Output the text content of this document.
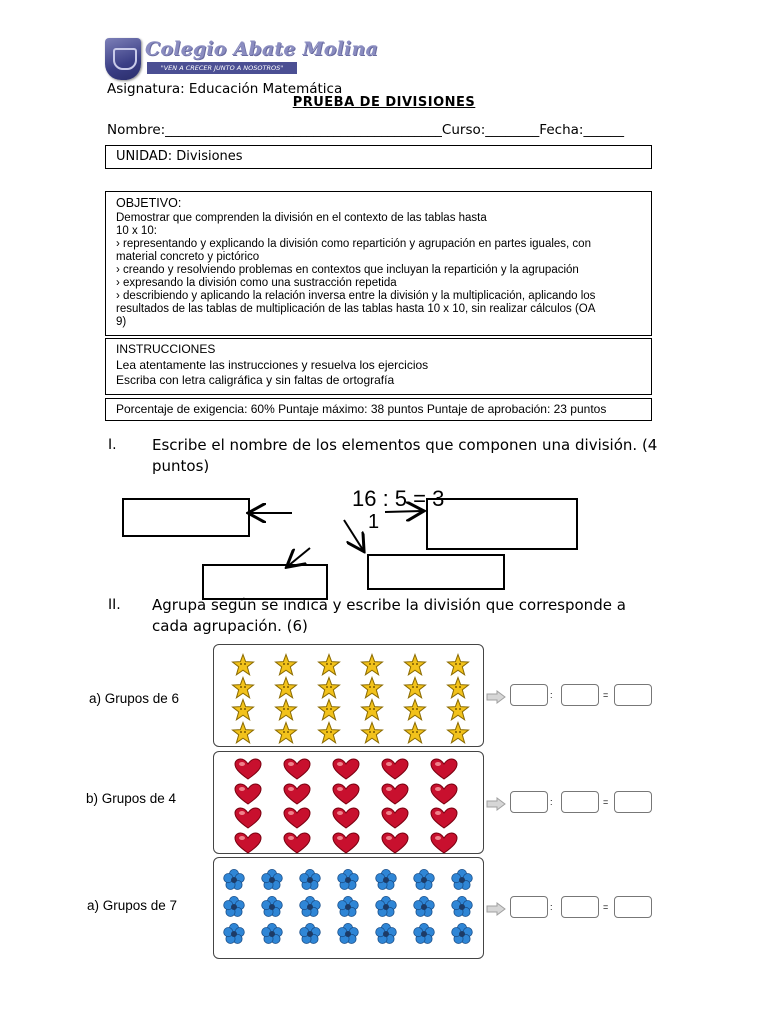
Colegio Abate Molina
"VEN A CRECER JUNTO A NOSOTROS"
Asignatura: Educación Matemática
PRUEBA DE DIVISIONES
Nombre:_________________________________________Curso:________Fecha:______
UNIDAD: Divisiones
OBJETIVO:
Demostrar que comprenden la división en el contexto de las tablas hasta
10 x 10:
› representando y explicando la división como repartición y agrupación en partes iguales, con
material concreto y pictórico
› creando y resolviendo problemas en contextos que incluyan la repartición y la agrupación
› expresando la división como una sustracción repetida
› describiendo y aplicando la relación inversa entre la división y la multiplicación, aplicando los
resultados de las tablas de multiplicación de las tablas hasta 10 x 10, sin realizar cálculos (OA
9)
INSTRUCCIONES
Lea atentamente las instrucciones y resuelva los ejercicios
Escriba con letra caligráfica y sin faltas de ortografía
Porcentaje de exigencia: 60% Puntaje máximo: 38 puntos Puntaje de aprobación: 23 puntos
I. Escribe el nombre de los elementos que componen una división. (4
puntos)
16 : 5 = 3
1
II. Agrupa según se indica y escribe la división que corresponde a
cada agrupación. (6)
a) Grupos de 6	:	=
b) Grupos de 4	:	=
a) Grupos de 7	:	=
